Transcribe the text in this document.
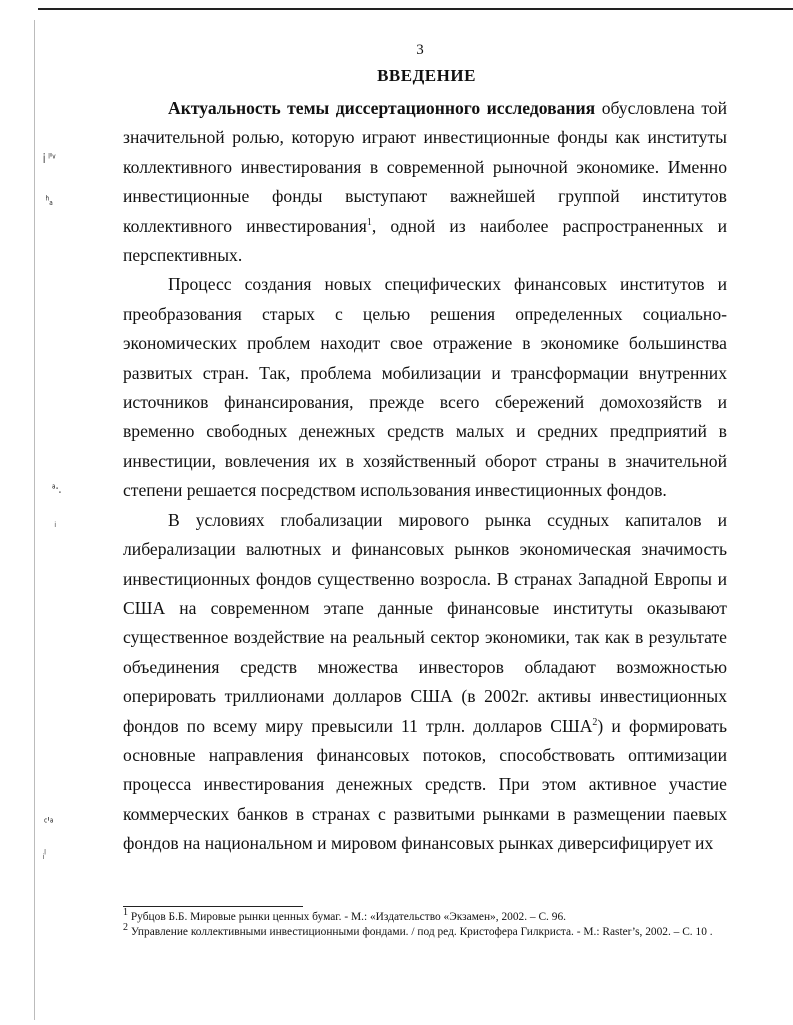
i ˡ'ᵛ
ʰₐ
ᵃ·.
ᵢ
ᶜ'ᵃ
ᵢˡ
3
ВВЕДЕНИЕ

Актуальность темы диссертационного исследования обусловлена той значительной ролью, которую играют инвестиционные фонды как институты коллективного инвестирования в современной рыночной экономике. Именно инвестиционные фонды выступают важнейшей группой институтов коллективного инвестирования$^1$, одной из наиболее распространенных и перспективных.

Процесс создания новых специфических финансовых институтов и преобразования старых с целью решения определенных социально-экономических проблем находит свое отражение в экономике большинства развитых стран. Так, проблема мобилизации и трансформации внутренних источников финансирования, прежде всего сбережений домохозяйств и временно свободных денежных средств малых и средних предприятий в инвестиции, вовлечения их в хозяйственный оборот страны в значительной степени решается посредством использования инвестиционных фондов.

В условиях глобализации мирового рынка ссудных капиталов и либерализации валютных и финансовых рынков экономическая значимость инвестиционных фондов существенно возросла. В странах Западной Европы и США на современном этапе данные финансовые институты оказывают существенное воздействие на реальный сектор экономики, так как в результате объединения средств множества инвесторов обладают возможностью оперировать триллионами долларов США (в 2002г. активы инвестиционных фондов по всему миру превысили 11 трлн. долларов США$^2$) и формировать основные направления финансовых потоков, способствовать оптимизации процесса инвестирования денежных средств. При этом активное участие коммерческих банков в странах с развитыми рынками в размещении паевых фондов на национальном и мировом финансовых рынках диверсифицирует их

$^1$ Рубцов Б.Б. Мировые рынки ценных бумаг. - М.: «Издательство «Экзамен», 2002. – С. 96.
$^2$ Управление коллективными инвестиционными фондами. / под ред. Кристофера Гилкриста. - М.: Raster’s, 2002. – С. 10 .
